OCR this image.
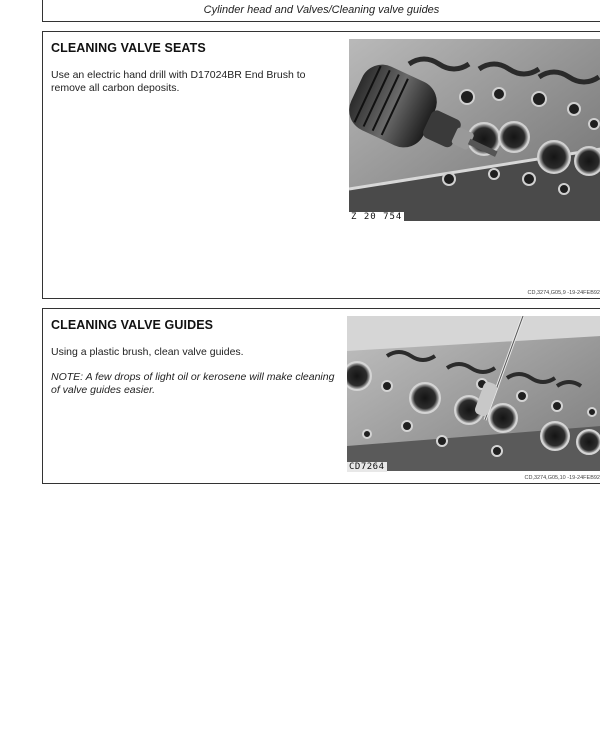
Cylinder head and Valves/Cleaning valve guides
CLEANING VALVE SEATS
Use an electric hand drill with D17024BR End Brush to remove all carbon deposits.
Z 20 754
CD,3274,G05,9 -19-24FEB92
CLEANING VALVE GUIDES
Using a plastic brush, clean valve guides.
NOTE: A few drops of light oil or kerosene will make cleaning of valve guides easier.
CD7264
CD,3274,G05,10 -19-24FEB92
